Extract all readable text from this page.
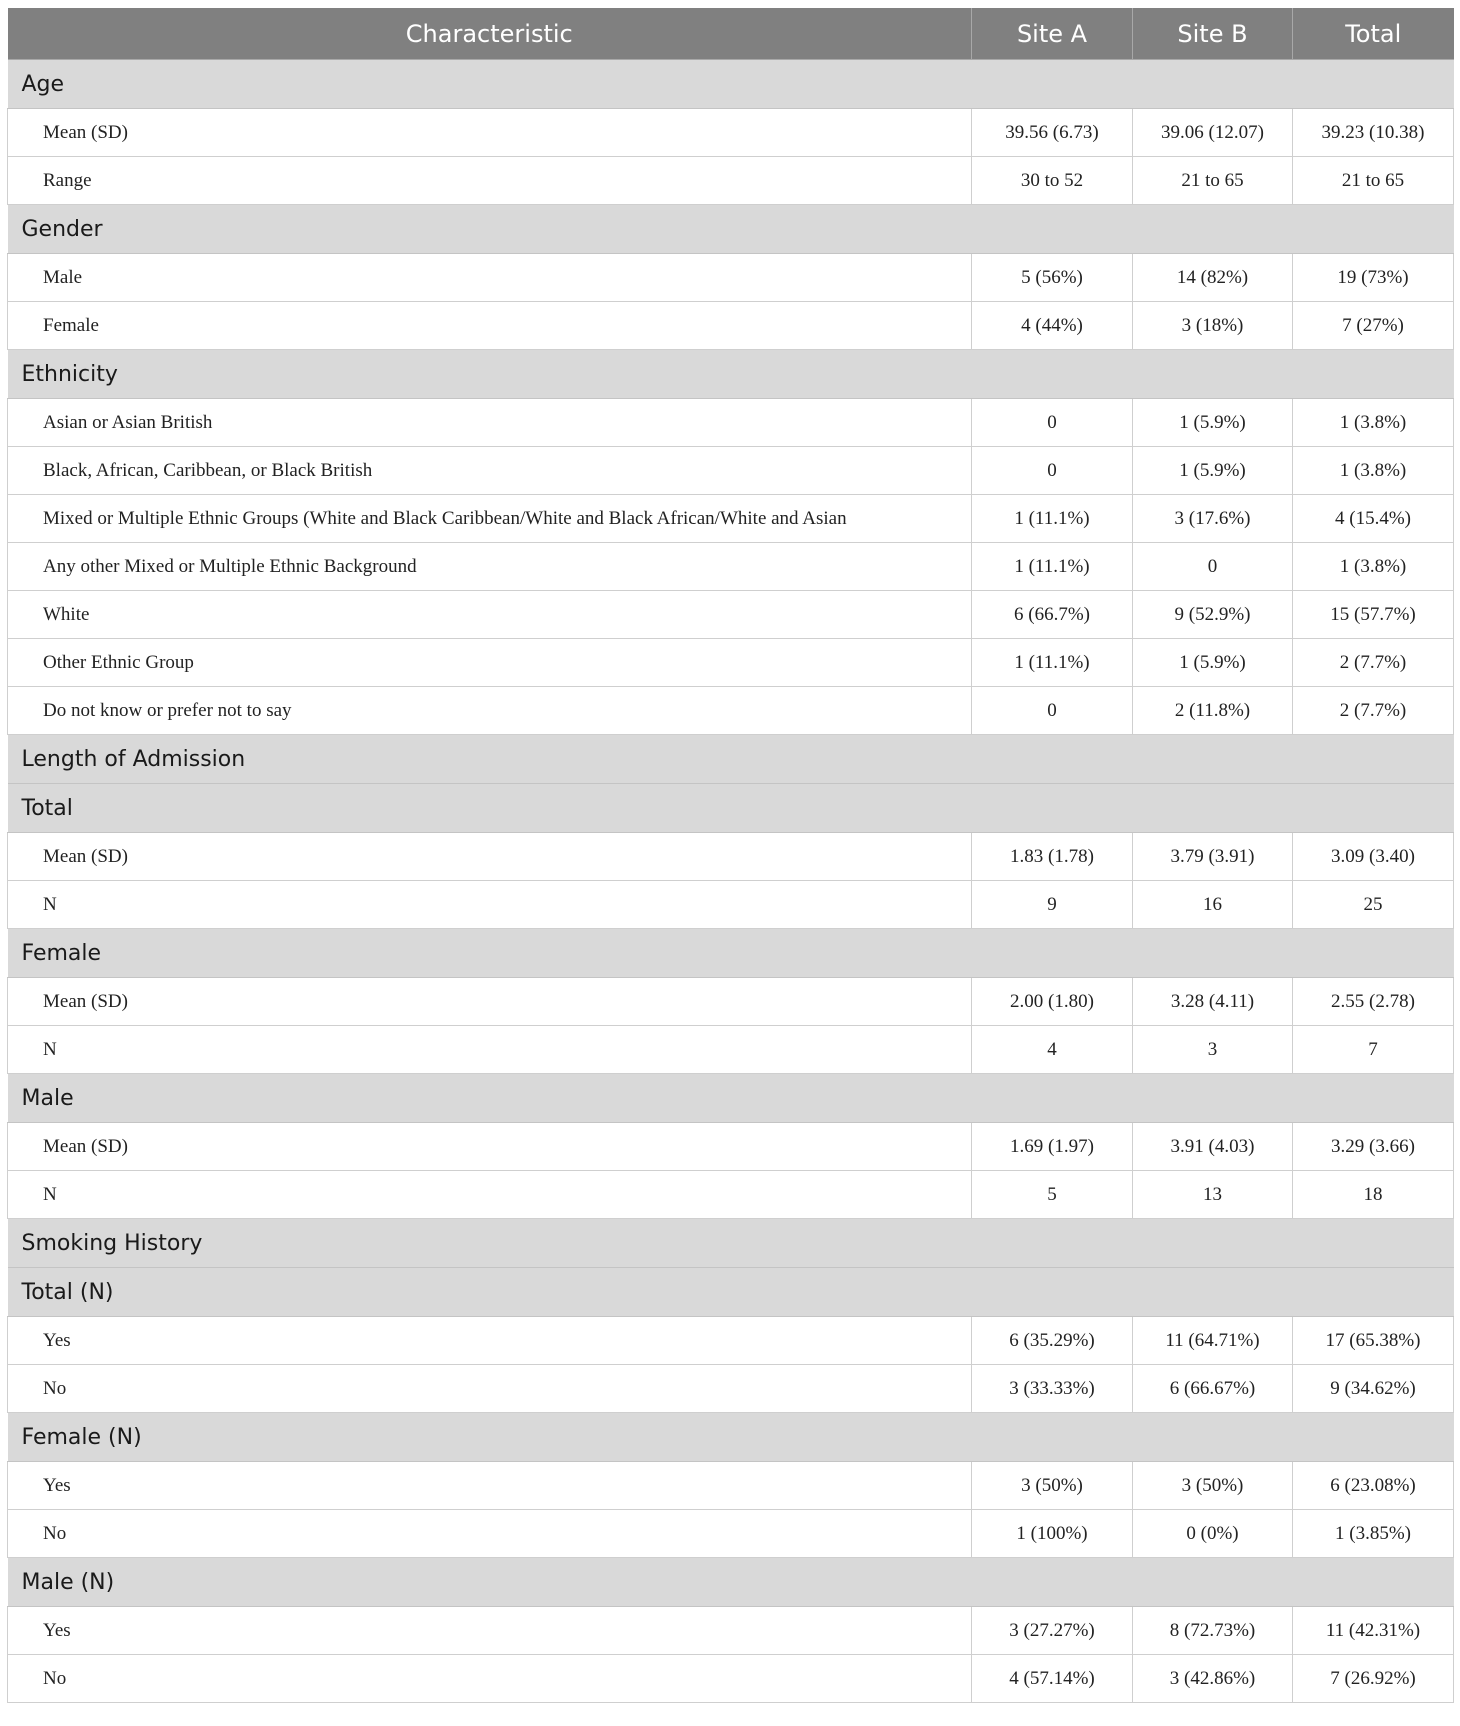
Characteristic	Site A	Site B	Total
Age			
Mean (SD)	39.56 (6.73)	39.06 (12.07)	39.23 (10.38)
Range	30 to 52	21 to 65	21 to 65
Gender			
Male	5 (56%)	14 (82%)	19 (73%)
Female	4 (44%)	3 (18%)	7 (27%)
Ethnicity			
Asian or Asian British	0	1 (5.9%)	1 (3.8%)
Black, African, Caribbean, or Black British	0	1 (5.9%)	1 (3.8%)
Mixed or Multiple Ethnic Groups (White and Black Caribbean/White and Black African/White and Asian	1 (11.1%)	3 (17.6%)	4 (15.4%)
Any other Mixed or Multiple Ethnic Background	1 (11.1%)	0	1 (3.8%)
White	6 (66.7%)	9 (52.9%)	15 (57.7%)
Other Ethnic Group	1 (11.1%)	1 (5.9%)	2 (7.7%)
Do not know or prefer not to say	0	2 (11.8%)	2 (7.7%)
Length of Admission			
Total			
Mean (SD)	1.83 (1.78)	3.79 (3.91)	3.09 (3.40)
N	9	16	25
Female			
Mean (SD)	2.00 (1.80)	3.28 (4.11)	2.55 (2.78)
N	4	3	7
Male			
Mean (SD)	1.69 (1.97)	3.91 (4.03)	3.29 (3.66)
N	5	13	18
Smoking History			
Total (N)			
Yes	6 (35.29%)	11 (64.71%)	17 (65.38%)
No	3 (33.33%)	6 (66.67%)	9 (34.62%)
Female (N)			
Yes	3 (50%)	3 (50%)	6 (23.08%)
No	1 (100%)	0 (0%)	1 (3.85%)
Male (N)			
Yes	3 (27.27%)	8 (72.73%)	11 (42.31%)
No	4 (57.14%)	3 (42.86%)	7 (26.92%)
